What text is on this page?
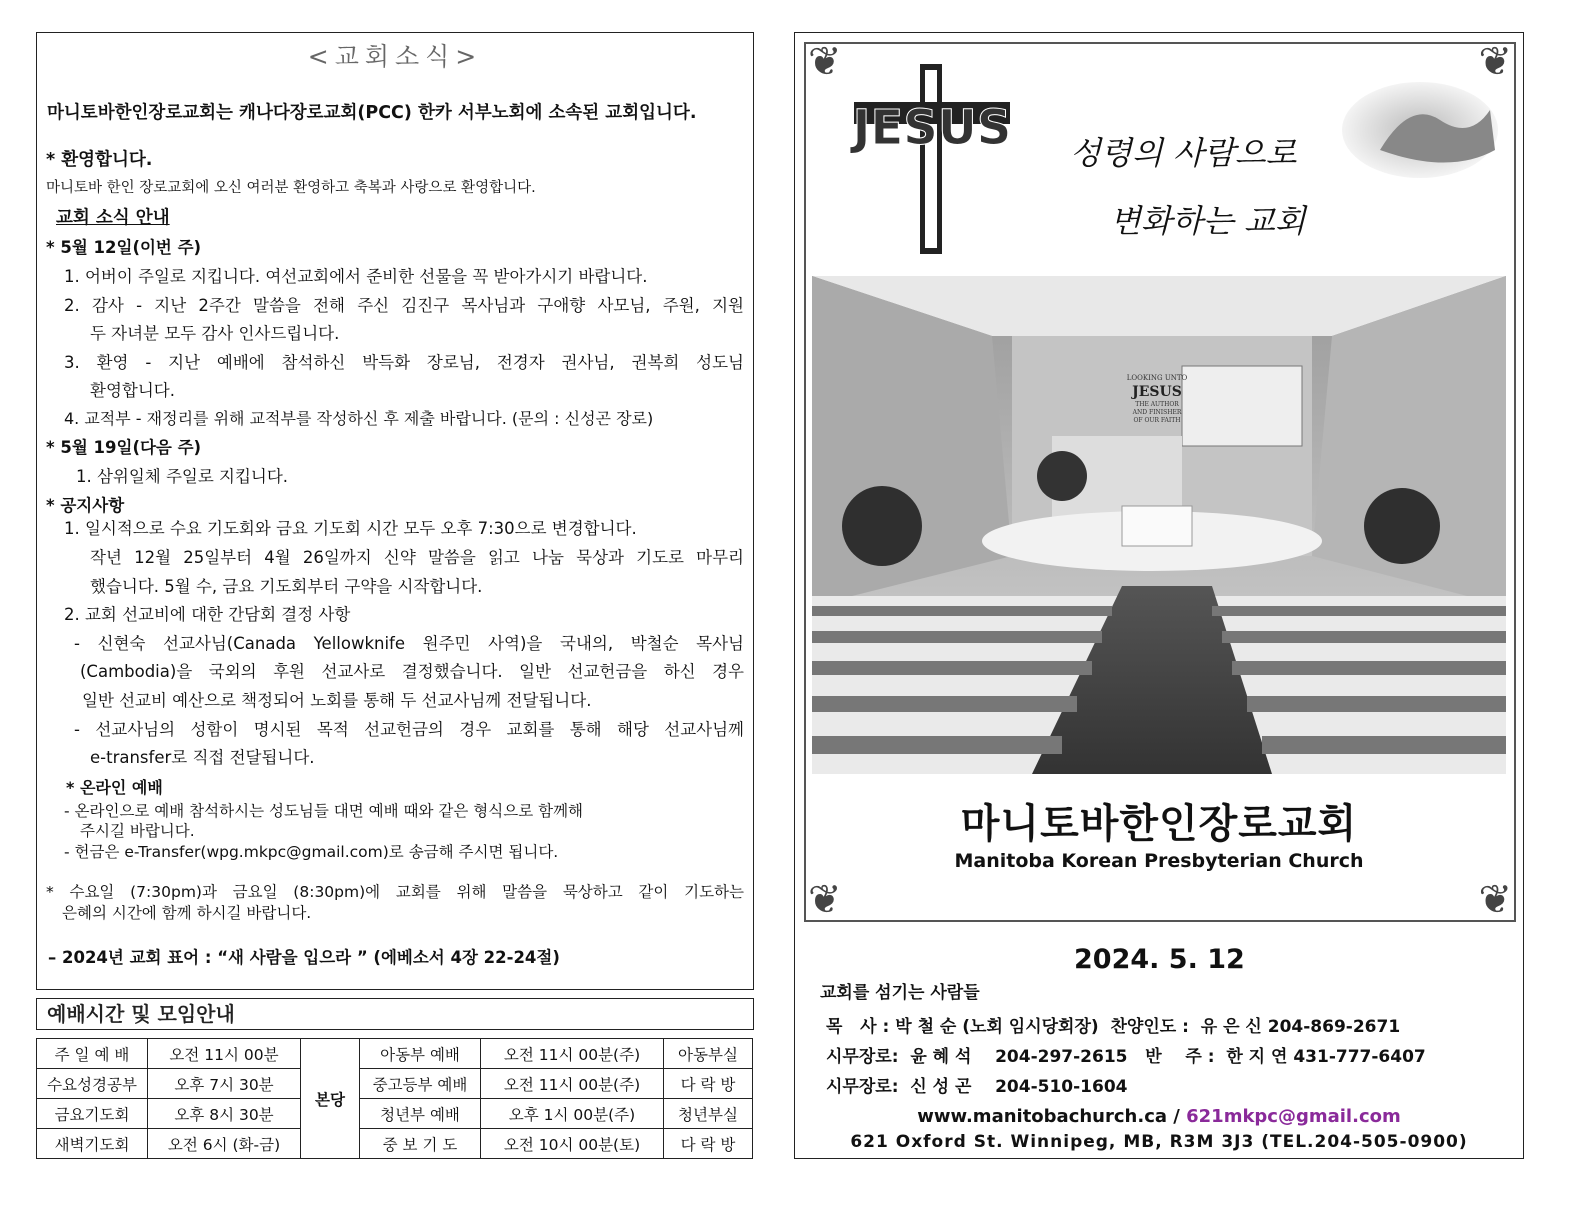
<교회소식>
마니토바한인장로교회는 캐나다장로교회(PCC) 한카 서부노회에 소속된 교회입니다.
* 환영합니다.
마니토바 한인 장로교회에 오신 여러분 환영하고 축복과 사랑으로 환영합니다.
교회 소식 안내
* 5월 12일(이번 주)
1. 어버이 주일로 지킵니다. 여선교회에서 준비한 선물을 꼭 받아가시기 바랍니다.
2. 감사 - 지난 2주간 말씀을 전해 주신 김진구 목사님과 구애향 사모님, 주원, 지원
두 자녀분 모두 감사 인사드립니다.
3. 환영 - 지난 예배에 참석하신 박득화 장로님, 전경자 권사님, 권복희 성도님
환영합니다.
4. 교적부 - 재정리를 위해 교적부를 작성하신 후 제출 바랍니다. (문의 : 신성곤 장로)
* 5월 19일(다음 주)
1. 삼위일체 주일로 지킵니다.
* 공지사항
1. 일시적으로 수요 기도회와 금요 기도회 시간 모두 오후 7:30으로 변경합니다.
작년 12월 25일부터 4월 26일까지 신약 말씀을 읽고 나눔 묵상과 기도로 마무리
했습니다. 5월 수, 금요 기도회부터 구약을 시작합니다.
2. 교회 선교비에 대한 간담회 결정 사항
- 신현숙 선교사님(Canada Yellowknife 원주민 사역)을 국내의, 박철순 목사님
(Cambodia)을 국외의 후원 선교사로 결정했습니다. 일반 선교헌금을 하신 경우
일반 선교비 예산으로 책정되어 노회를 통해 두 선교사님께 전달됩니다.
- 선교사님의 성함이 명시된 목적 선교헌금의 경우 교회를 통해 해당 선교사님께
e-transfer로 직접 전달됩니다.
* 온라인 예배
- 온라인으로 예배 참석하시는 성도님들 대면 예배 때와 같은 형식으로 함께해
주시길 바랍니다.
- 헌금은 e-Transfer(wpg.mkpc@gmail.com)로 송금해 주시면 됩니다.
* 수요일 (7:30pm)과 금요일 (8:30pm)에 교회를 위해 말씀을 묵상하고 같이 기도하는
은혜의 시간에 함께 하시길 바랍니다.
– 2024년 교회 표어 : “새 사람을 입으라 ” (에베소서 4장 22-24절)
예배시간 및 모임안내
주 일 예 배	오전 11시 00분	본당	아동부 예배	오전 11시 00분(주)	아동부실
수요성경공부	오후 7시 30분		중고등부 예배	오전 11시 00분(주)	다 락 방
금요기도회	오후 8시 30분		청년부 예배	오후 1시 00분(주)	청년부실
새벽기도회	오전 6시 (화-금)		중 보 기 도	오전 10시 00분(토)	다 락 방
❦	❦
❦	❦
JESUS 성령의 사람으로
변화하는 교회
LOOKING UNTO
JESUS
THE AUTHOR
AND FINISHER
OF OUR FAITH
마니토바한인장로교회
Manitoba Korean Presbyterian Church
2024. 5. 12
교회를 섬기는 사람들
목   사 : 박 철 순 (노회 임시당회장)  찬양인도 :  유 은 신 204-869-2671
시무장로:  윤 혜 석    204-297-2615   반    주 :  한 지 연 431-777-6407
시무장로:  신 성 곤    204-510-1604
www.manitobachurch.ca / 621mkpc@gmail.com
621 Oxford St. Winnipeg, MB, R3M 3J3 (TEL.204-505-0900)
